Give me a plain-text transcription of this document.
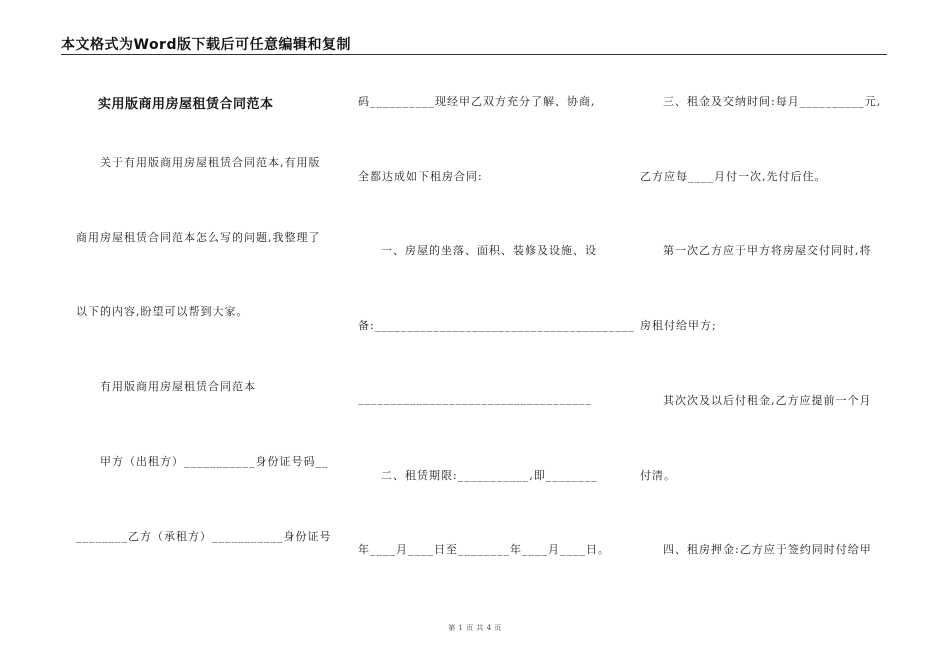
本文格式为Word版下载后可任意编辑和复制
实用版商用房屋租赁合同范本
关于有用版商用房屋租赁合同范本,有用版
商用房屋租赁合同范本怎么写的问题,我整理了
以下的内容,盼望可以帮到大家。
有用版商用房屋租赁合同范本
甲方（出租方）___________身份证号码__
________乙方（承租方）___________身份证号
码__________现经甲乙双方充分了解、协商,
全都达成如下租房合同:
一、房屋的坐落、面积、装修及设施、设
备:________________________________________
____________________________________
二、租赁期限:___________,即________
年____月____日至________年____月____日。
三、租金及交纳时间:每月__________元,
乙方应每____月付一次,先付后住。
第一次乙方应于甲方将房屋交付同时,将
房租付给甲方;
其次次及以后付租金,乙方应提前一个月
付清。
四、租房押金:乙方应于签约同时付给甲
第 1 页 共 4 页
